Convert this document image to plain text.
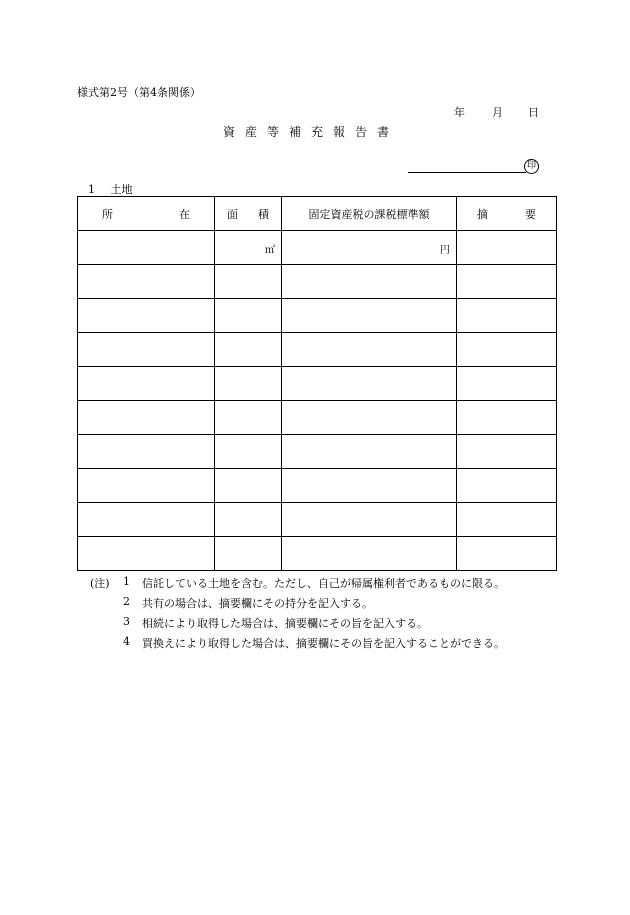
様式第2号（第4条関係）
年 月 日
資産等補充報告書
印
1 土地
所 在	面 積	固定資産税の課税標準額	摘 要

	㎡	円	

(注) 1 信託している土地を含む。ただし、自己が帰属権利者であるものに限る。
2 共有の場合は、摘要欄にその持分を記入する。
3 相続により取得した場合は、摘要欄にその旨を記入する。
4 買換えにより取得した場合は、摘要欄にその旨を記入することができる。
